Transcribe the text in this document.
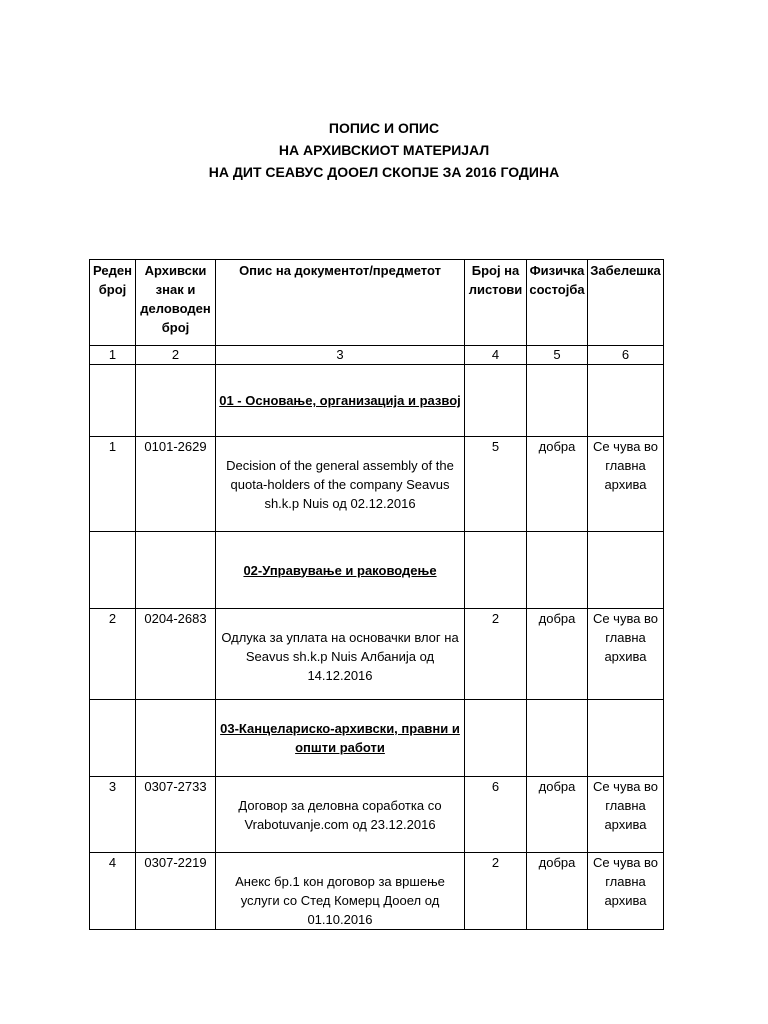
ПОПИС И ОПИС
НА АРХИВСКИОТ МАТЕРИЈАЛ
НА ДИТ СЕАВУС ДООЕЛ СКОПЈЕ ЗА 2016 ГОДИНА
Реден број	Архивски знак и деловоден број	Опис на документот/предметот	Број на листови	Физичка состојба	Забелешка
1	2	3	4	5	6
		01 - Основање, организација и развој			
1	0101-2629	Decision of the general assembly of the quota-holders of the company Seavus sh.k.p Nuis од 02.12.2016	5	добра	Се чува во главна архива
		02-Управување и раководење			
2	0204-2683	Одлука за уплата на основачки влог на Seavus sh.k.p Nuis Албанија од 14.12.2016	2	добра	Се чува во главна архива
		03-Канцелариско-архивски, правни и општи работи			
3	0307-2733	Договор за деловна соработка со Vrabotuvanje.com од 23.12.2016	6	добра	Се чува во главна архива
4	0307-2219	Анекс бр.1 кон договор за вршење услуги со Стед Комерц Дооел од 01.10.2016	2	добра	Се чува во главна архива
